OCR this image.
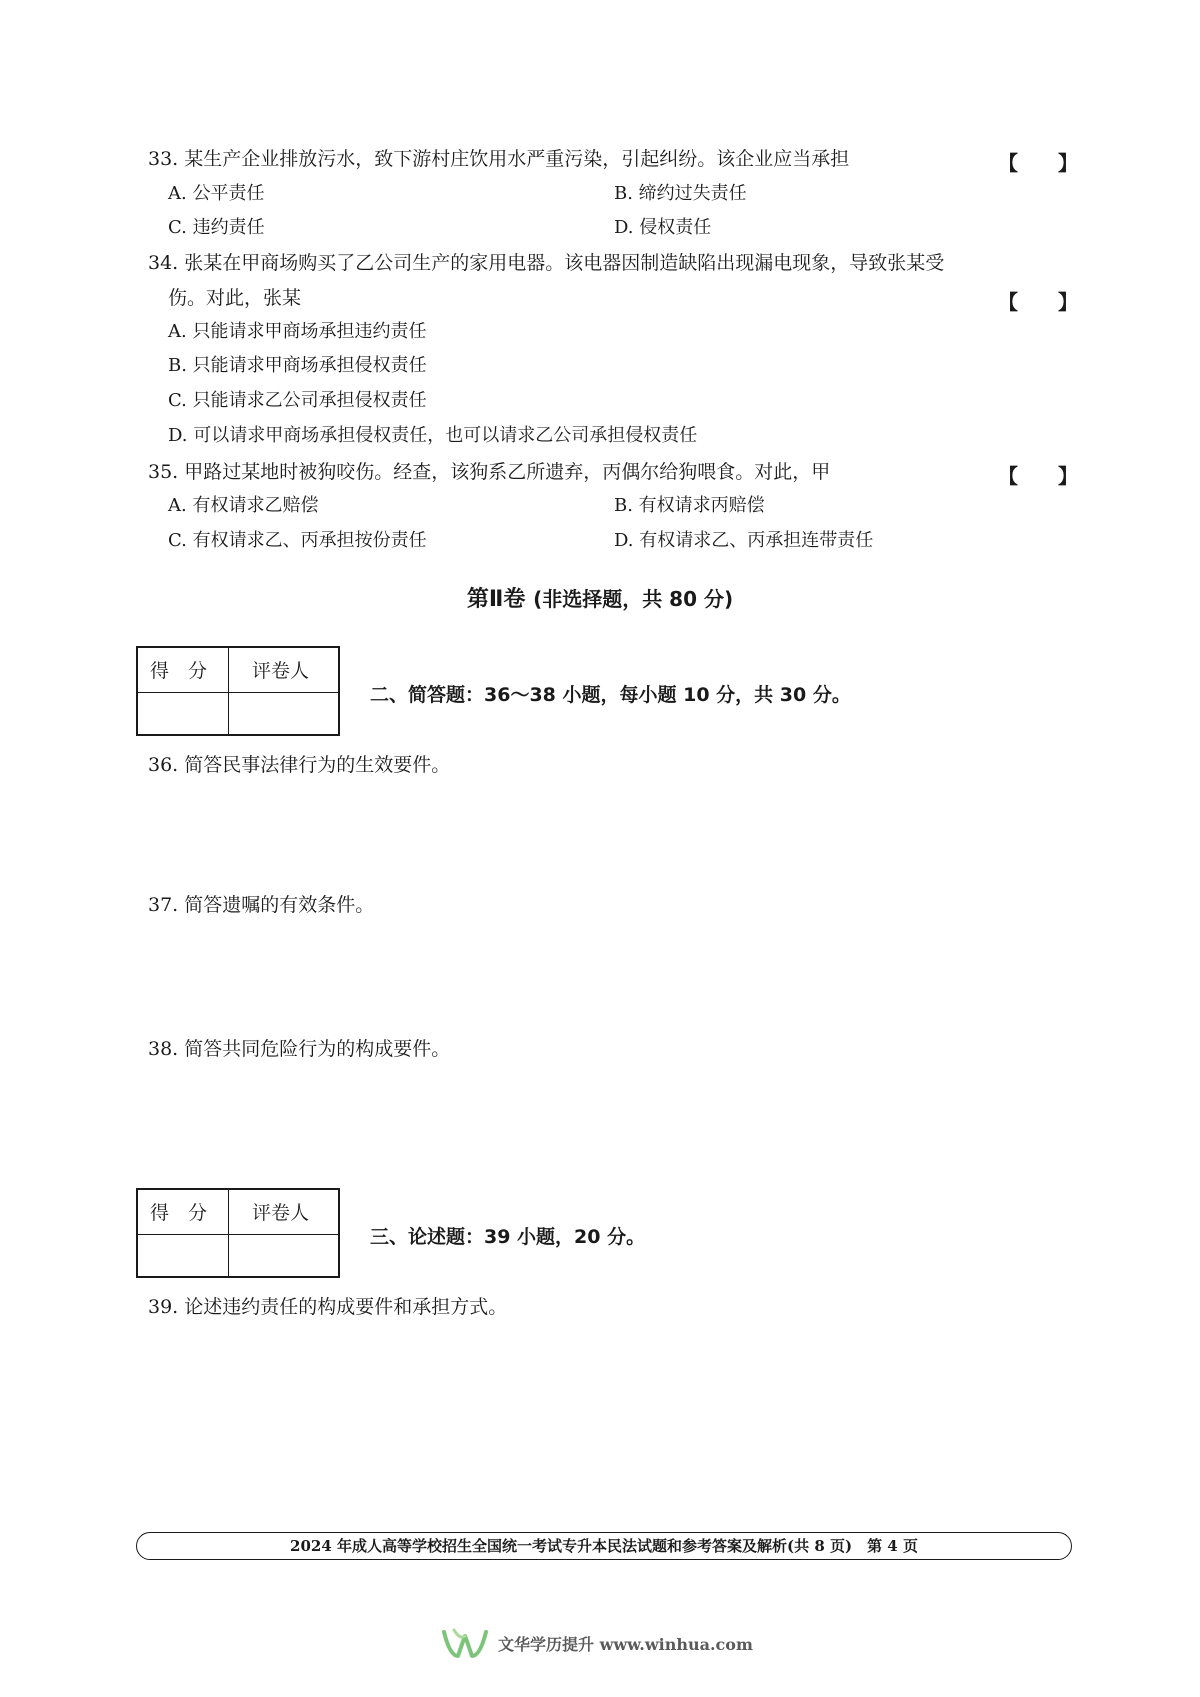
33. 某生产企业排放污水，致下游村庄饮用水严重污染，引起纠纷。该企业应当承担	【　　】
A. 公平责任	B. 缔约过失责任
C. 违约责任	D. 侵权责任
34. 张某在甲商场购买了乙公司生产的家用电器。该电器因制造缺陷出现漏电现象，导致张某受
伤。对此，张某	【　　】
A. 只能请求甲商场承担违约责任
B. 只能请求甲商场承担侵权责任
C. 只能请求乙公司承担侵权责任
D. 可以请求甲商场承担侵权责任，也可以请求乙公司承担侵权责任
35. 甲路过某地时被狗咬伤。经查，该狗系乙所遗弃，丙偶尔给狗喂食。对此，甲	【　　】
A. 有权请求乙赔偿	B. 有权请求丙赔偿
C. 有权请求乙、丙承担按份责任	D. 有权请求乙、丙承担连带责任
第Ⅱ卷 (非选择题，共 80 分)
得　分 评卷人
二、简答题：36～38 小题，每小题 10 分，共 30 分。
36. 简答民事法律行为的生效要件。
37. 简答遗嘱的有效条件。
38. 简答共同危险行为的构成要件。
得　分 评卷人
三、论述题：39 小题，20 分。
39. 论述违约责任的构成要件和承担方式。
2024 年成人高等学校招生全国统一考试专升本民法试题和参考答案及解析(共 8 页)　第 4 页
文华学历提升 www.winhua.com
